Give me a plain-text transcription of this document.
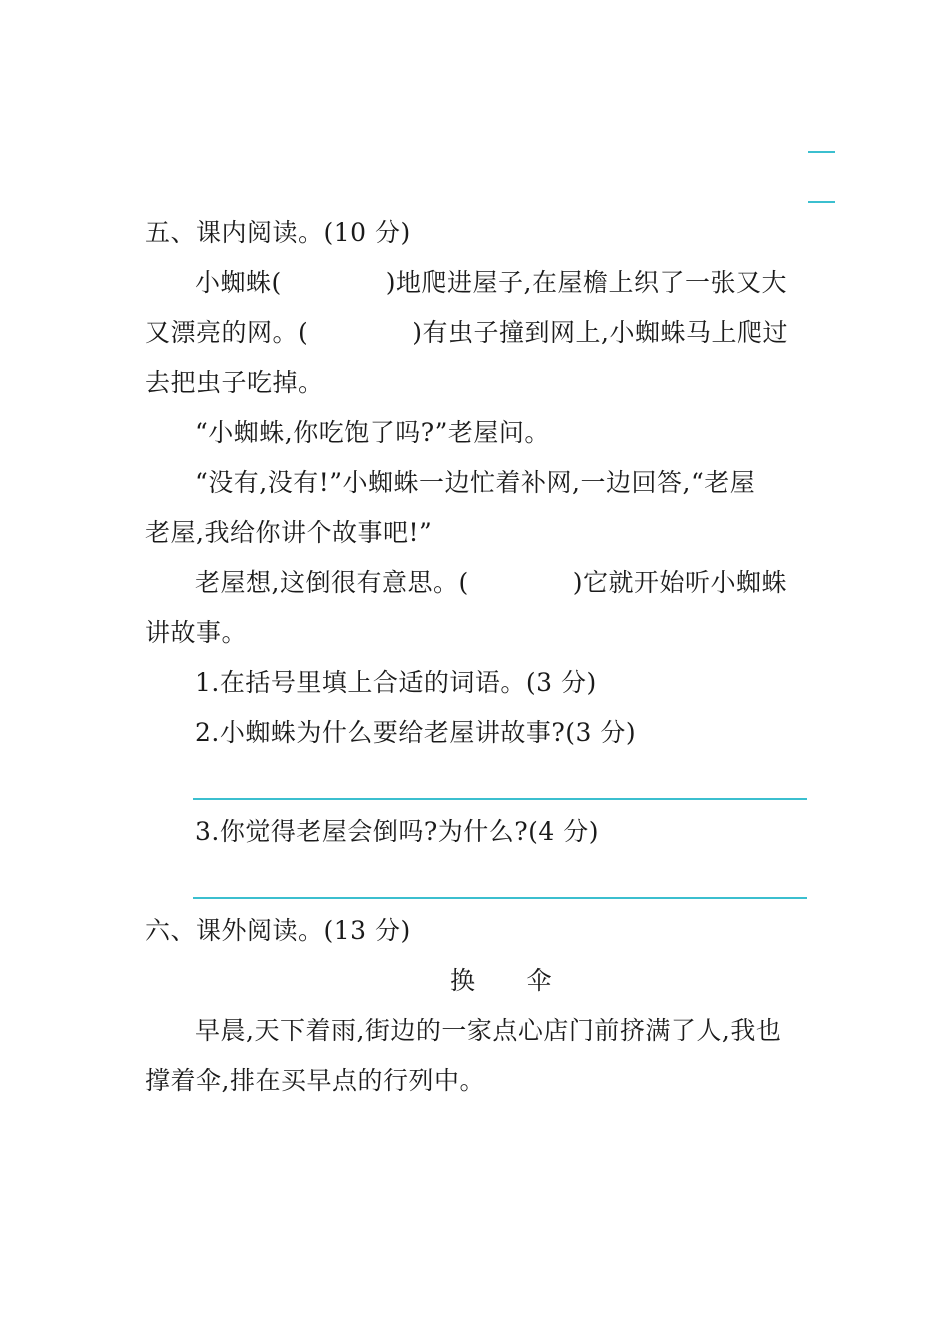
五、课内阅读。(10 分)
小蜘蛛(	)地爬进屋子,在屋檐上织了一张又大
又漂亮的网。(	)有虫子撞到网上,小蜘蛛马上爬过
去把虫子吃掉。
“小蜘蛛,你吃饱了吗?”老屋问。
“没有,没有!”小蜘蛛一边忙着补网,一边回答,“老屋
老屋,我给你讲个故事吧!”
老屋想,这倒很有意思。(	)它就开始听小蜘蛛
讲故事。
1.在括号里填上合适的词语。(3 分)
2.小蜘蛛为什么要给老屋讲故事?(3 分)
3.你觉得老屋会倒吗?为什么?(4 分)
六、课外阅读。(13 分)
换　　伞
早晨,天下着雨,街边的一家点心店门前挤满了人,我也
撑着伞,排在买早点的行列中。
